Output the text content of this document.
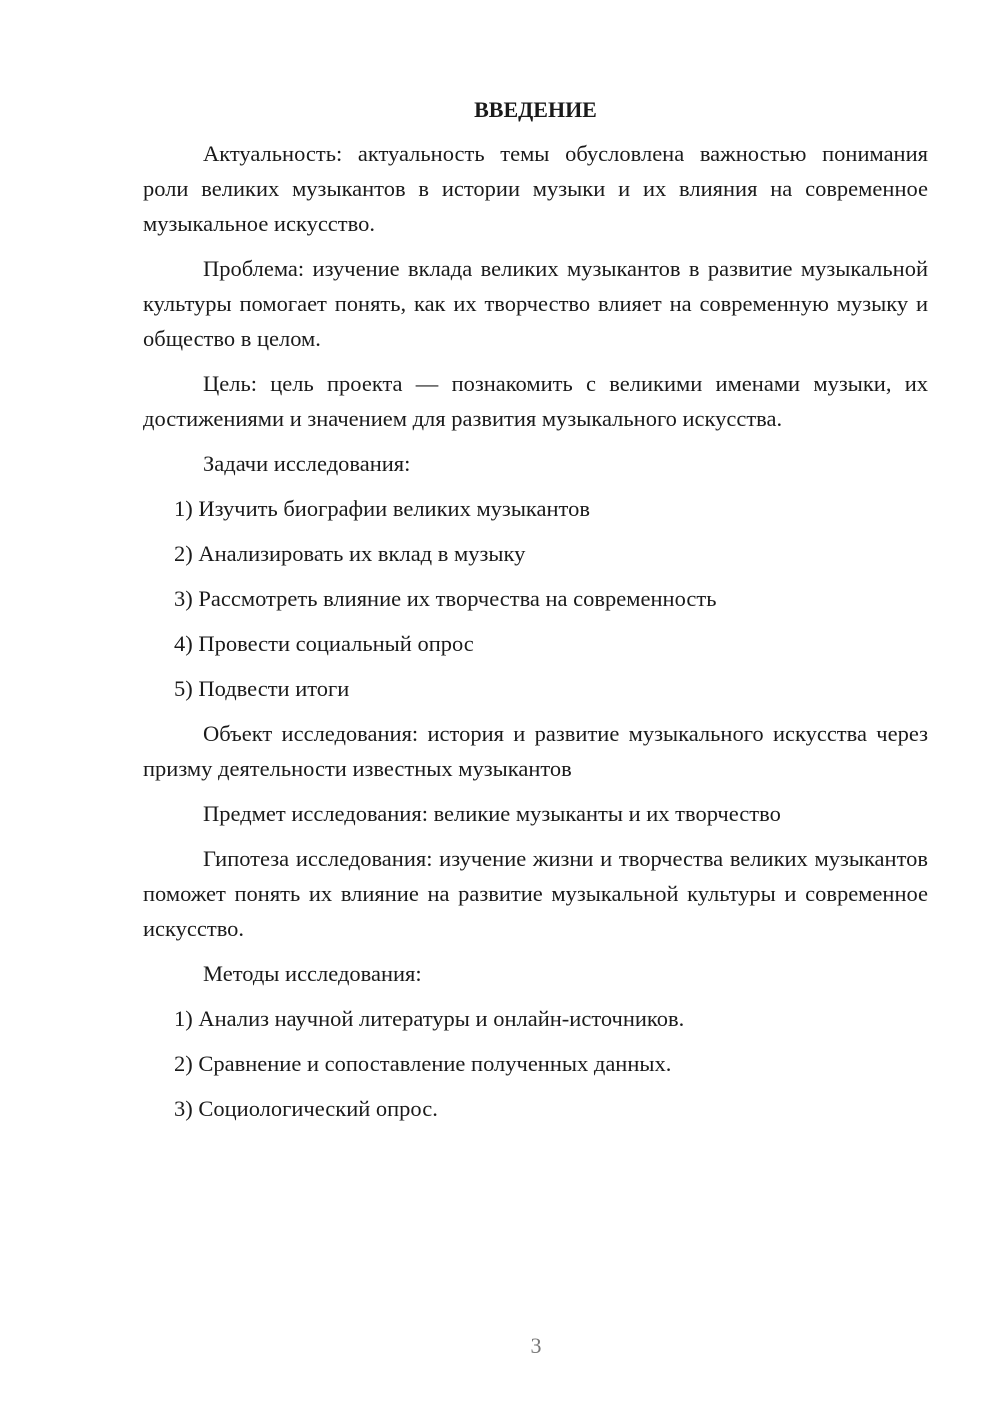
ВВЕДЕНИЕ

Актуальность: актуальность темы обусловлена важностью понимания роли великих музыкантов в истории музыки и их влияния на современное музыкальное искусство.

Проблема: изучение вклада великих музыкантов в развитие музыкальной культуры помогает понять, как их творчество влияет на современную музыку и общество в целом.

Цель: цель проекта — познакомить с великими именами музыки, их достижениями и значением для развития музыкального искусства.

Задачи исследования:

1) Изучить биографии великих музыкантов
2) Анализировать их вклад в музыку
3) Рассмотреть влияние их творчества на современность
4) Провести социальный опрос
5) Подвести итоги

Объект исследования: история и развитие музыкального искусства через призму деятельности известных музыкантов

Предмет исследования: великие музыканты и их творчество

Гипотеза исследования: изучение жизни и творчества великих музыкантов поможет понять их влияние на развитие музыкальной культуры и современное искусство.

Методы исследования:

1) Анализ научной литературы и онлайн-источников.
2) Сравнение и сопоставление полученных данных.
3) Социологический опрос.
3
